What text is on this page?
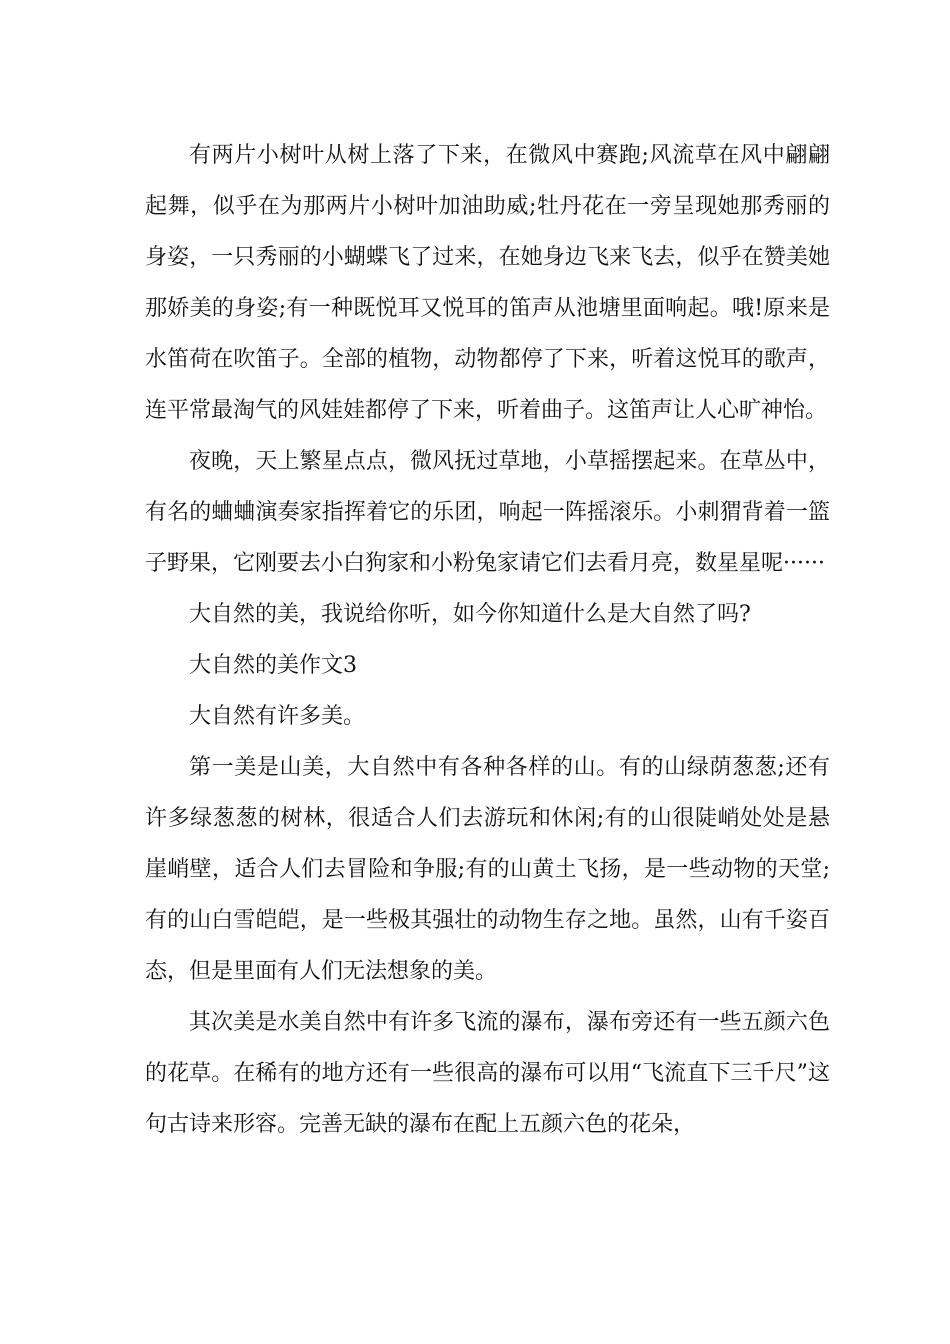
有两片小树叶从树上落了下来，在微风中赛跑;风流草在风中翩翩起舞，似乎在为那两片小树叶加油助威;牡丹花在一旁呈现她那秀丽的身姿，一只秀丽的小蝴蝶飞了过来，在她身边飞来飞去，似乎在赞美她那娇美的身姿;有一种既悦耳又悦耳的笛声从池塘里面响起。哦!原来是水笛荷在吹笛子。全部的植物，动物都停了下来，听着这悦耳的歌声，连平常最淘气的风娃娃都停了下来，听着曲子。这笛声让人心旷神怡。

夜晚，天上繁星点点，微风抚过草地，小草摇摆起来。在草丛中，有名的蛐蛐演奏家指挥着它的乐团，响起一阵摇滚乐。小刺猬背着一篮子野果，它刚要去小白狗家和小粉兔家请它们去看月亮，数星星呢······

大自然的美，我说给你听，如今你知道什么是大自然了吗?

大自然的美作文3

大自然有许多美。

第一美是山美，大自然中有各种各样的山。有的山绿荫葱葱;还有许多绿葱葱的树林，很适合人们去游玩和休闲;有的山很陡峭处处是悬崖峭壁，适合人们去冒险和争服;有的山黄土飞扬，是一些动物的天堂;有的山白雪皑皑，是一些极其强壮的动物生存之地。虽然，山有千姿百态，但是里面有人们无法想象的美。

其次美是水美自然中有许多飞流的瀑布，瀑布旁还有一些五颜六色的花草。在稀有的地方还有一些很高的瀑布可以用“飞流直下三千尺”这句古诗来形容。完善无缺的瀑布在配上五颜六色的花朵，
